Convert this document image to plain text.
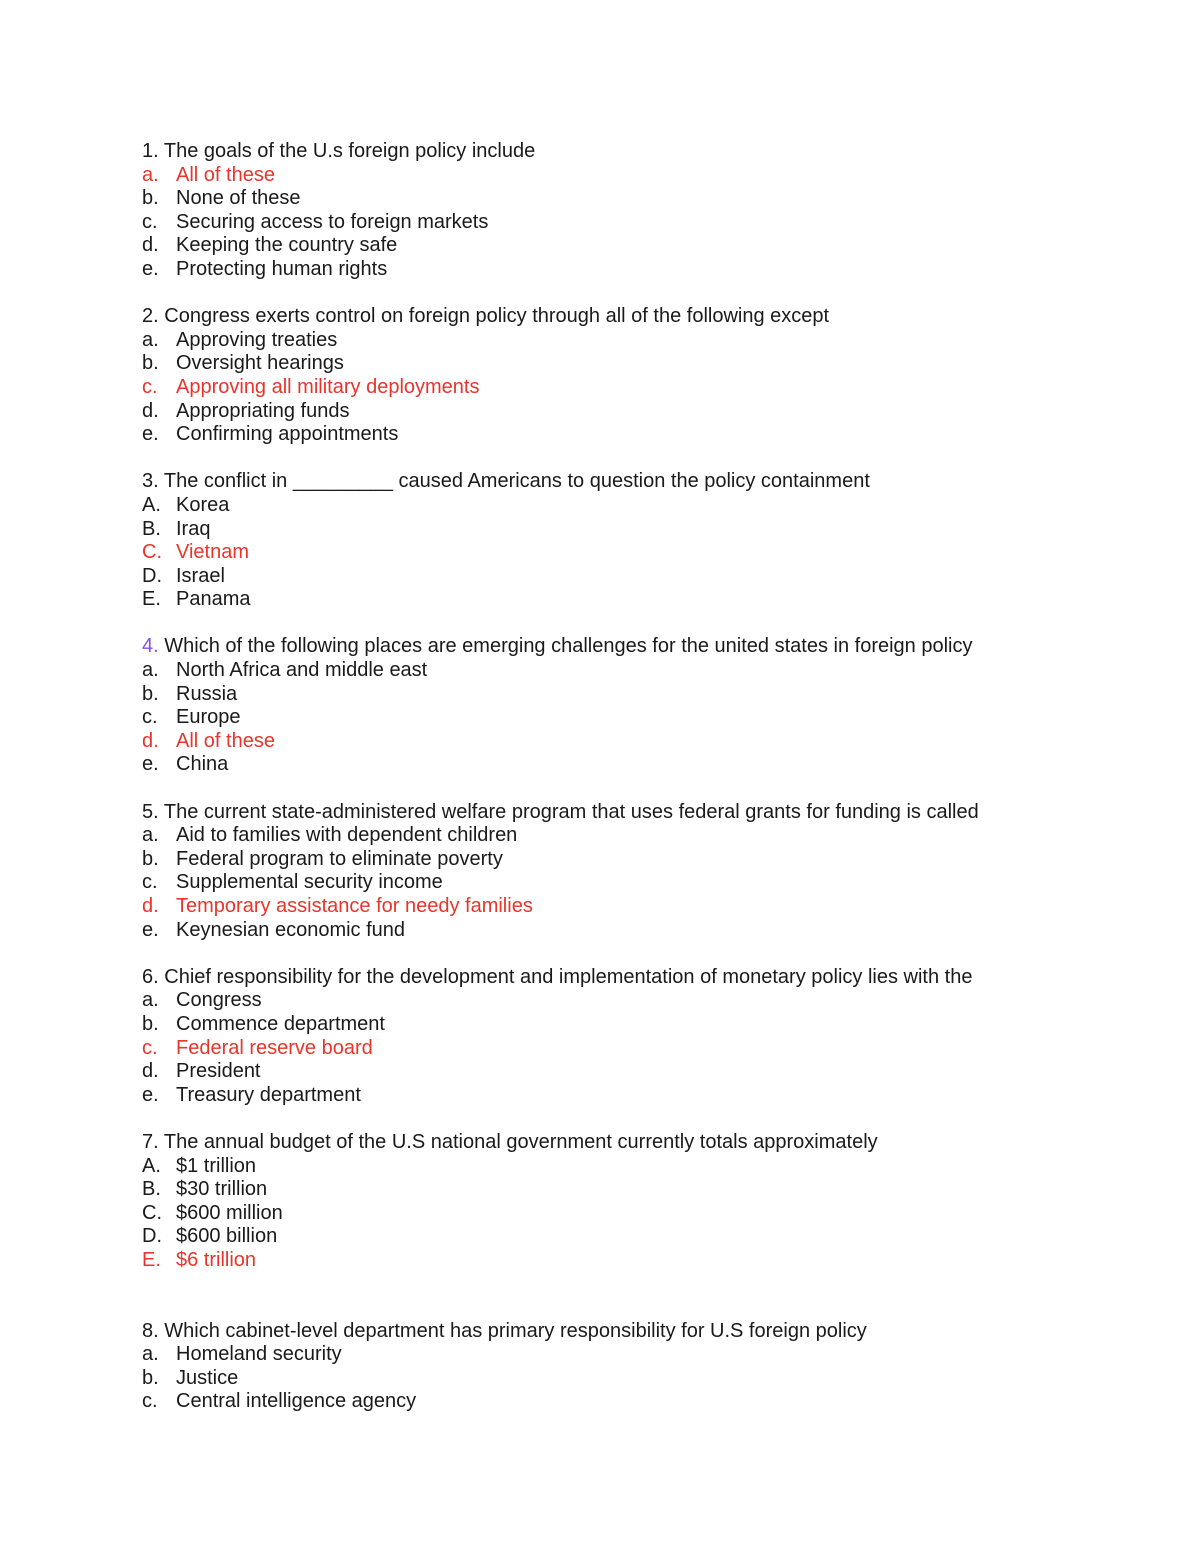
1. The goals of the U.s foreign policy include
a. All of these
b. None of these
c. Securing access to foreign markets
d. Keeping the country safe
e. Protecting human rights
2. Congress exerts control on foreign policy through all of the following except
a. Approving treaties
b. Oversight hearings
c. Approving all military deployments
d. Appropriating funds
e. Confirming appointments
3. The conflict in _________ caused Americans to question the policy containment
A. Korea
B. Iraq
C. Vietnam
D. Israel
E. Panama
4. Which of the following places are emerging challenges for the united states in foreign policy
a. North Africa and middle east
b. Russia
c. Europe
d. All of these
e. China
5. The current state-administered welfare program that uses federal grants for funding is called
a. Aid to families with dependent children
b. Federal program to eliminate poverty
c. Supplemental security income
d. Temporary assistance for needy families
e. Keynesian economic fund
6. Chief responsibility for the development and implementation of monetary policy lies with the
a. Congress
b. Commence department
c. Federal reserve board
d. President
e. Treasury department
7. The annual budget of the U.S national government currently totals approximately
A. $1 trillion
B. $30 trillion
C. $600 million
D. $600 billion
E. $6 trillion
8. Which cabinet-level department has primary responsibility for U.S foreign policy
a. Homeland security
b. Justice
c. Central intelligence agency
